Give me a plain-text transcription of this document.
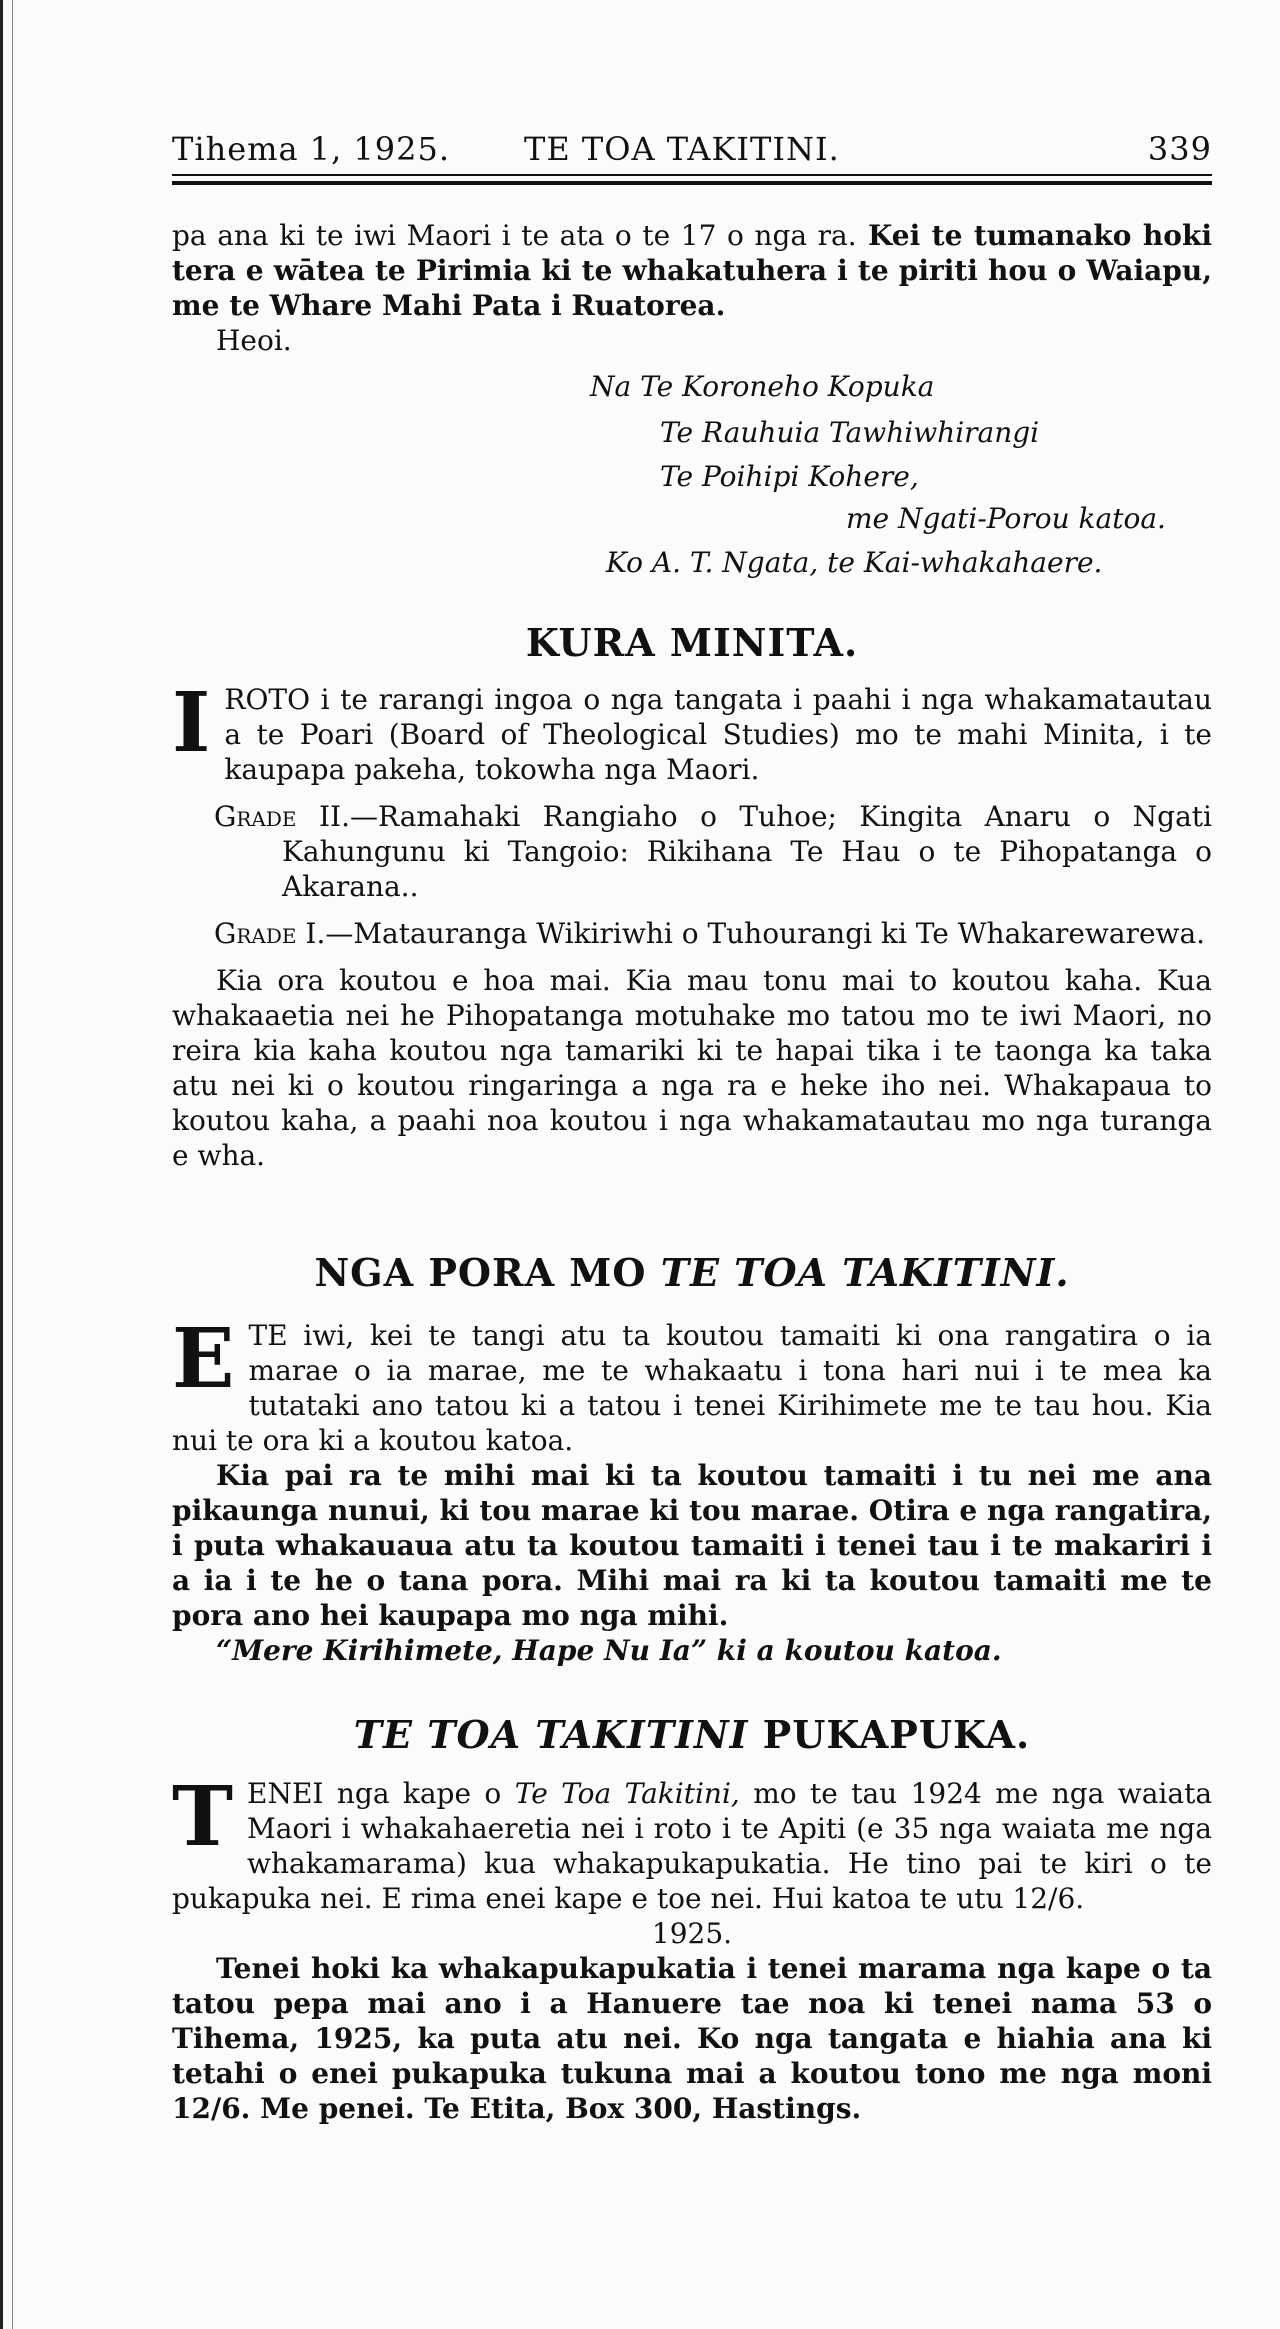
Tihema 1, 1925. TE TOA TAKITINI.	339

pa ana ki te iwi Maori i te ata o te 17 o nga ra. Kei te tumanako hoki tera e wātea te Pirimia ki te whakatuhera i te piriti hou o Waiapu, me te Whare Mahi Pata i Ruatorea.

Heoi.

Na Te Koroneho Kopuka
Te Rauhuia Tawhiwhirangi
Te Poihipi Kohere,
me Ngati-Porou katoa.
Ko A. T. Ngata, te Kai-whakahaere.
KURA MINITA.

IROTO i te rarangi ingoa o nga tangata i paahi i nga whakamatautau a te Poari (Board of Theological Studies) mo te mahi Minita, i te kaupapa pakeha, tokowha nga Maori.

Grade II.—Ramahaki Rangiaho o Tuhoe; Kingita Anaru o Ngati Kahungunu ki Tangoio: Rikihana Te Hau o te Pihopatanga o Akarana..

Grade I.—Matauranga Wikiriwhi o Tuhourangi ki Te Whakarewarewa.

Kia ora koutou e hoa mai. Kia mau tonu mai to koutou kaha. Kua whakaaetia nei he Pihopatanga motuhake mo tatou mo te iwi Maori, no reira kia kaha koutou nga tamariki ki te hapai tika i te taonga ka taka atu nei ki o koutou ringaringa a nga ra e heke iho nei. Whakapaua to koutou kaha, a paahi noa koutou i nga whakamatautau mo nga turanga e wha.

NGA PORA MO TE TOA TAKITINI.

ETE iwi, kei te tangi atu ta koutou tamaiti ki ona rangatira o ia marae o ia marae, me te whakaatu i tona hari nui i te mea ka tutataki ano tatou ki a tatou i tenei Kirihimete me te tau hou. Kia nui te ora ki a koutou katoa.

Kia pai ra te mihi mai ki ta koutou tamaiti i tu nei me ana pikaunga nunui, ki tou marae ki tou marae. Otira e nga rangatira, i puta whakauaua atu ta koutou tamaiti i tenei tau i te makariri i a ia i te he o tana pora. Mihi mai ra ki ta koutou tamaiti me te pora ano hei kaupapa mo nga mihi.

“Mere Kirihimete, Hape Nu Ia” ki a koutou katoa.

TE TOA TAKITINI PUKAPUKA.

TENEI nga kape o Te Toa Takitini, mo te tau 1924 me nga waiata Maori i whakahaeretia nei i roto i te Apiti (e 35 nga waiata me nga whakamarama) kua whakapukapukatia. He tino pai te kiri o te pukapuka nei. E rima enei kape e toe nei. Hui katoa te utu 12/6.

1925.

Tenei hoki ka whakapukapukatia i tenei marama nga kape o ta tatou pepa mai ano i a Hanuere tae noa ki tenei nama 53 o Tihema, 1925, ka puta atu nei. Ko nga tangata e hiahia ana ki tetahi o enei pukapuka tukuna mai a koutou tono me nga moni 12/6. Me penei. Te Etita, Box 300, Hastings.
